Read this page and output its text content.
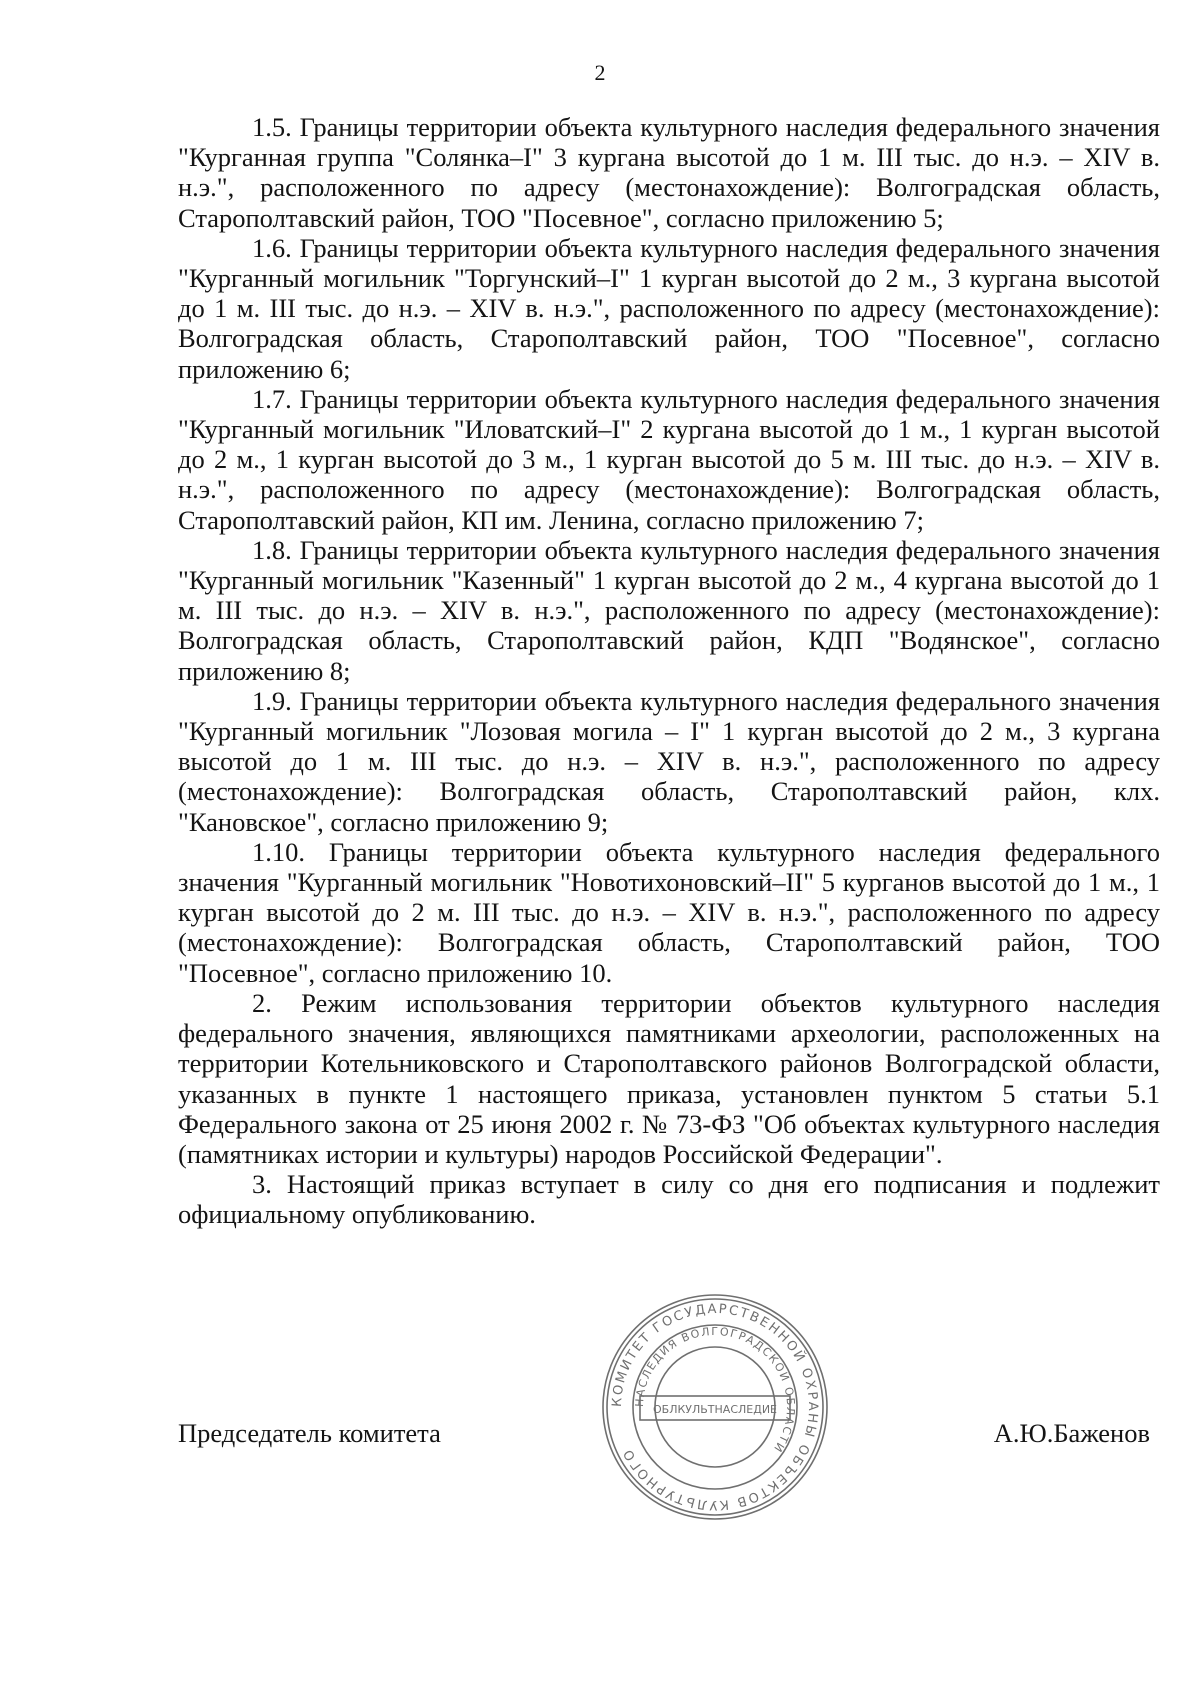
2

1.5. Границы территории объекта культурного наследия федерального значения "Курганная группа "Солянка–I" 3 кургана высотой до 1 м. III тыс. до н.э. – XIV в. н.э.", расположенного по адресу (местонахождение): Волгоградская область, Старополтавский район, ТОО "Посевное", согласно приложению 5;

1.6. Границы территории объекта культурного наследия федерального значения "Курганный могильник "Торгунский–I" 1 курган высотой до 2 м., 3 кургана высотой до 1 м. III тыс. до н.э. – XIV в. н.э.", расположенного по адресу (местонахождение): Волгоградская область, Старополтавский район, ТОО "Посевное", согласно приложению 6;

1.7. Границы территории объекта культурного наследия федерального значения "Курганный могильник "Иловатский–I" 2 кургана высотой до 1 м., 1 курган высотой до 2 м., 1 курган высотой до 3 м., 1 курган высотой до 5 м. III тыс. до н.э. – XIV в. н.э.", расположенного по адресу (местонахождение): Волгоградская область, Старополтавский район, КП им. Ленина, согласно приложению 7;

1.8. Границы территории объекта культурного наследия федерального значения "Курганный могильник "Казенный" 1 курган высотой до 2 м., 4 кургана высотой до 1 м. III тыс. до н.э. – XIV в. н.э.", расположенного по адресу (местонахождение): Волгоградская область, Старополтавский район, КДП "Водянское", согласно приложению 8;

1.9. Границы территории объекта культурного наследия федерального значения "Курганный могильник "Лозовая могила – I" 1 курган высотой до 2 м., 3 кургана высотой до 1 м. III тыс. до н.э. – XIV в. н.э.", расположенного по адресу (местонахождение): Волгоградская область, Старополтавский район, клх. "Кановское", согласно приложению 9;

1.10. Границы территории объекта культурного наследия федерального значения "Курганный могильник "Новотихоновский–II" 5 курганов высотой до 1 м., 1 курган высотой до 2 м. III тыс. до н.э. – XIV в. н.э.", расположенного по адресу (местонахождение): Волгоградская область, Старополтавский район, ТОО "Посевное", согласно приложению 10.

2. Режим использования территории объектов культурного наследия федерального значения, являющихся памятниками археологии, расположенных на территории Котельниковского и Старополтавского районов Волгоградской области, указанных в пункте 1 настоящего приказа, установлен пунктом 5 статьи 5.1 Федерального закона от 25 июня 2002 г. № 73-ФЗ "Об объектах культурного наследия (памятниках истории и культуры) народов Российской Федерации".

3. Настоящий приказ вступает в силу со дня его подписания и подлежит официальному опубликованию.

Председатель комитета	А.Ю.Баженов
КОМИТЕТ ГОСУДАРСТВЕННОЙ ОХРАНЫ ОБЪЕКТОВ КУЛЬТУРНОГО
НАСЛЕДИЯ ВОЛГОГРАДСКОЙ ОБЛАСТИ
ОБЛКУЛЬТНАСЛЕДИЕ
